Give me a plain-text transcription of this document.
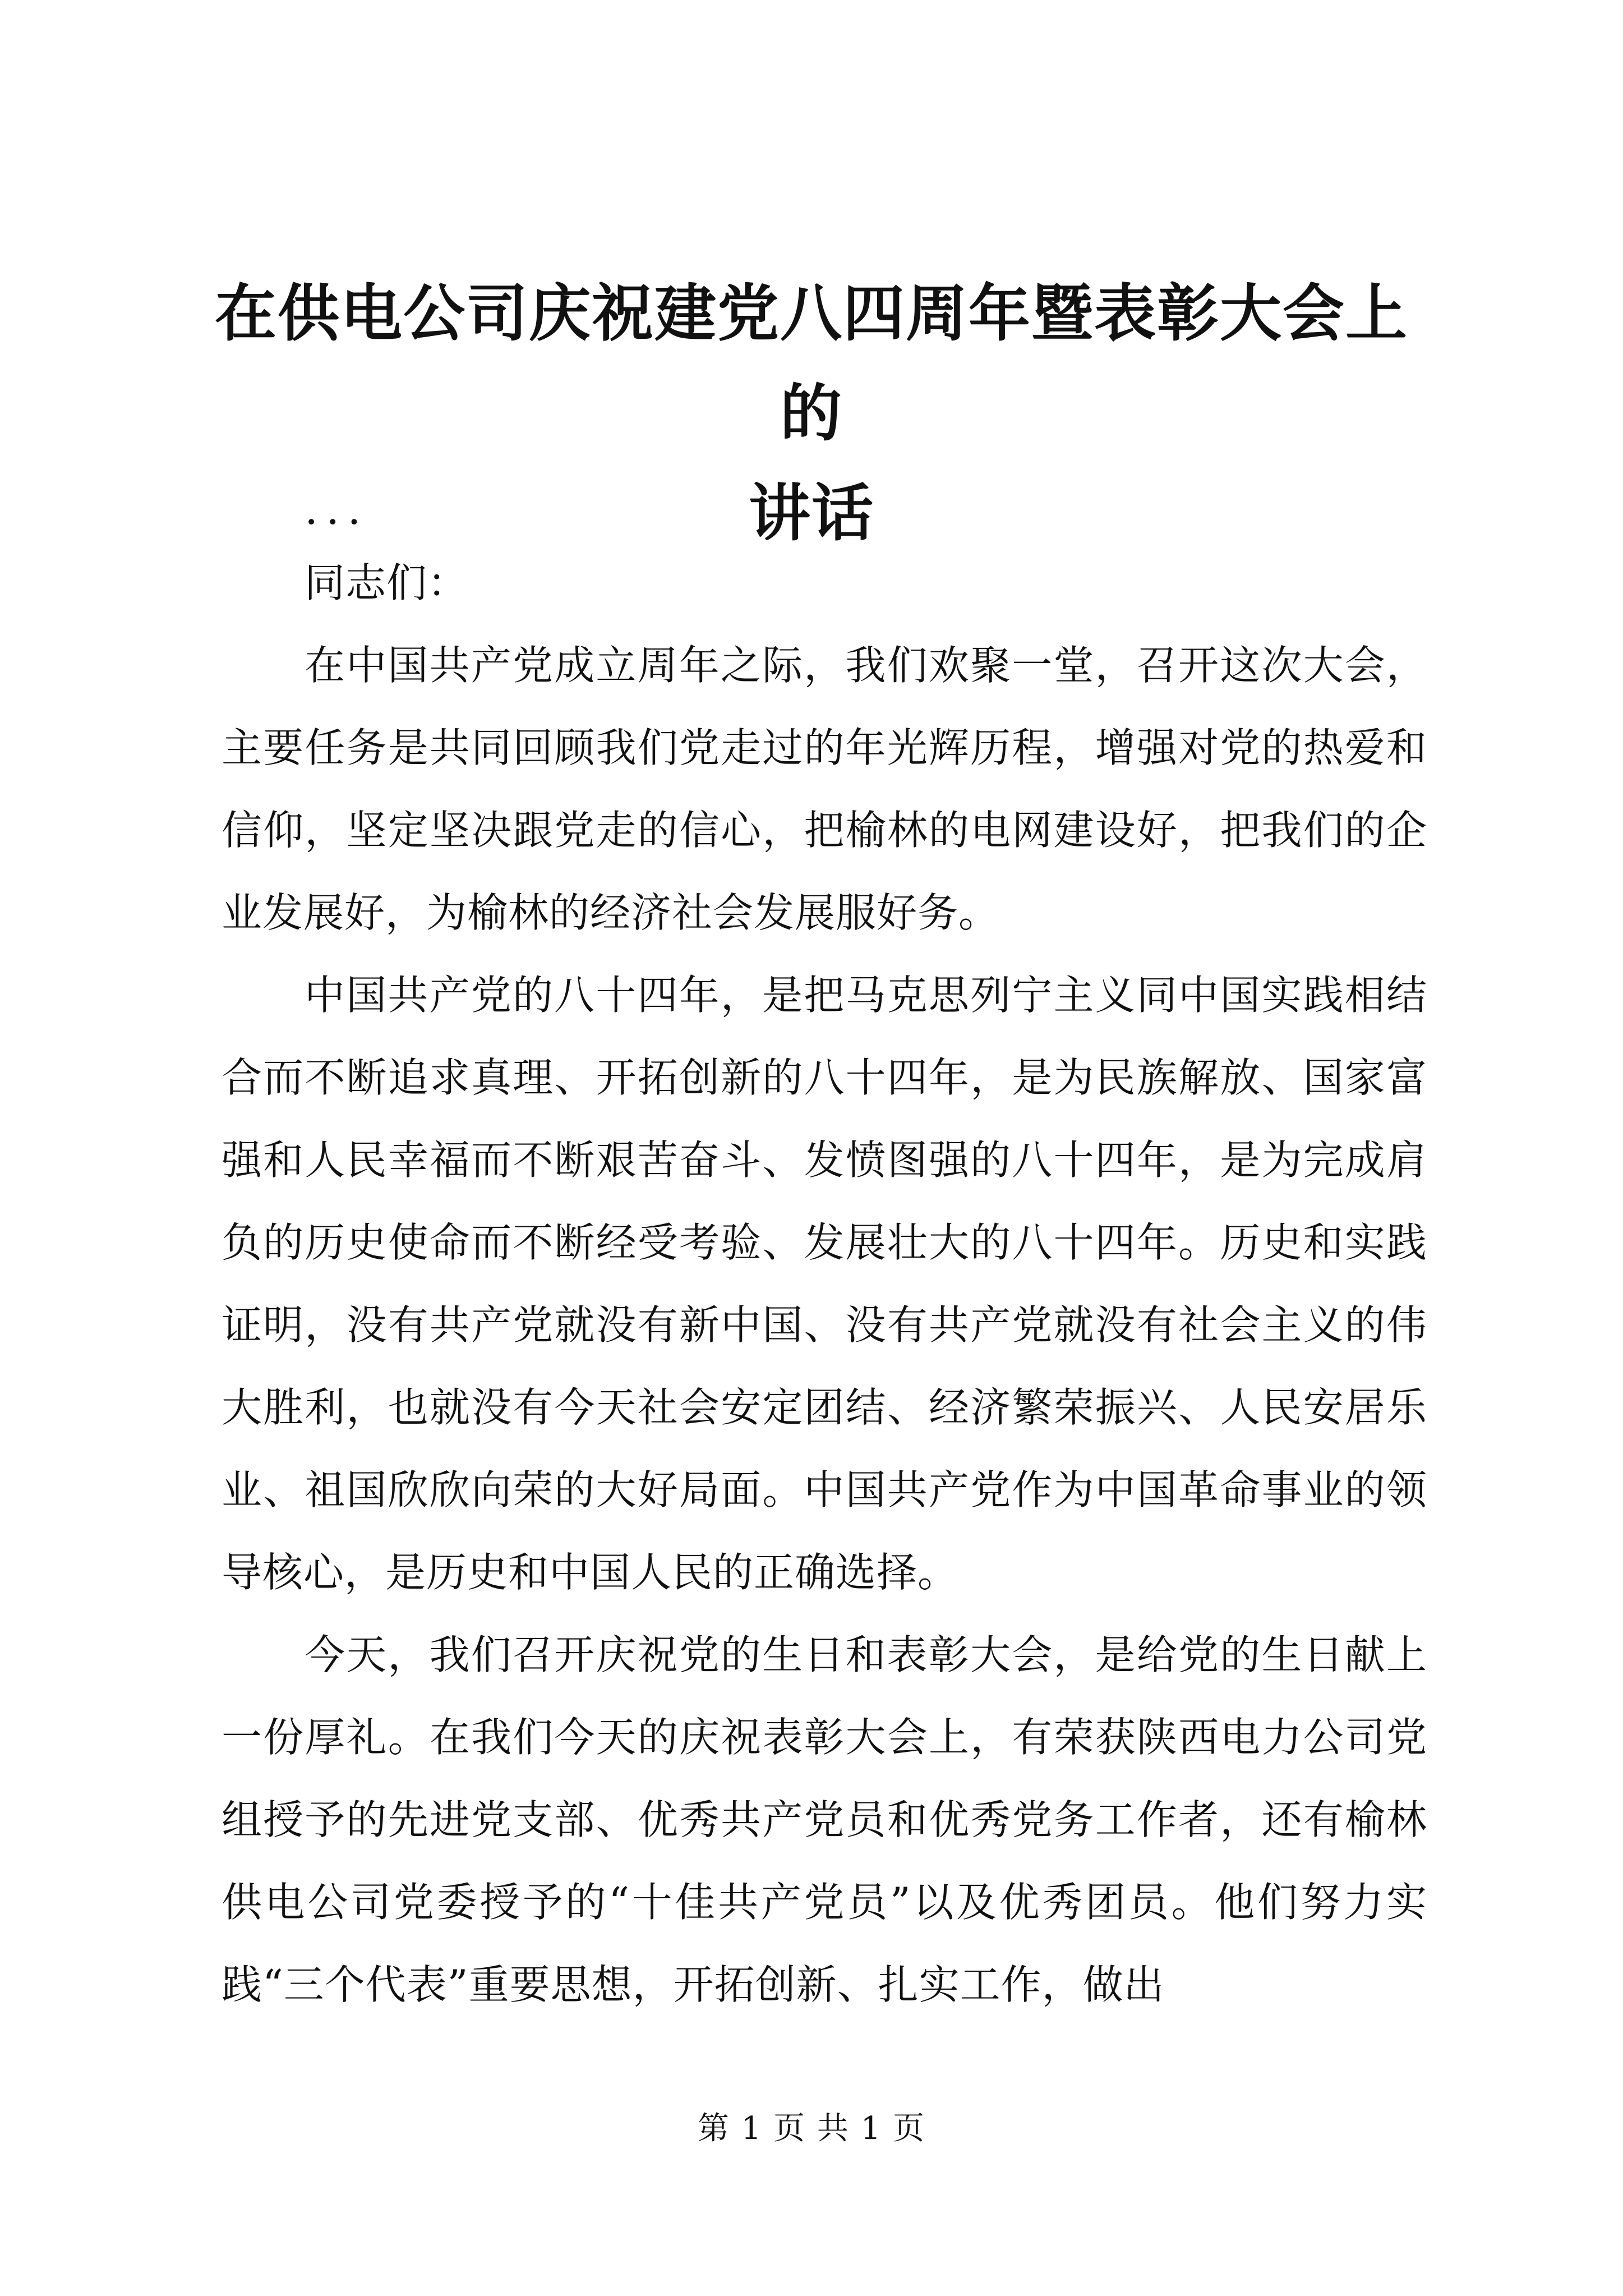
在供电公司庆祝建党八四周年暨表彰大会上的
讲话
...

同志们：

在中国共产党成立周年之际，我们欢聚一堂，召开这次大会，主要任务是共同回顾我们党走过的年光辉历程，增强对党的热爱和信仰，坚定坚决跟党走的信心，把榆林的电网建设好，把我们的企业发展好，为榆林的经济社会发展服好务。

中国共产党的八十四年，是把马克思列宁主义同中国实践相结合而不断追求真理、开拓创新的八十四年，是为民族解放、国家富强和人民幸福而不断艰苦奋斗、发愤图强的八十四年，是为完成肩负的历史使命而不断经受考验、发展壮大的八十四年。历史和实践证明，没有共产党就没有新中国、没有共产党就没有社会主义的伟大胜利，也就没有今天社会安定团结、经济繁荣振兴、人民安居乐业、祖国欣欣向荣的大好局面。中国共产党作为中国革命事业的领导核心，是历史和中国人民的正确选择。

今天，我们召开庆祝党的生日和表彰大会，是给党的生日献上一份厚礼。在我们今天的庆祝表彰大会上，有荣获陕西电力公司党组授予的先进党支部、优秀共产党员和优秀党务工作者，还有榆林供电公司党委授予的“十佳共产党员”以及优秀团员。他们努力实践“三个代表”重要思想，开拓创新、扎实工作，做出

第 1 页 共 1 页
